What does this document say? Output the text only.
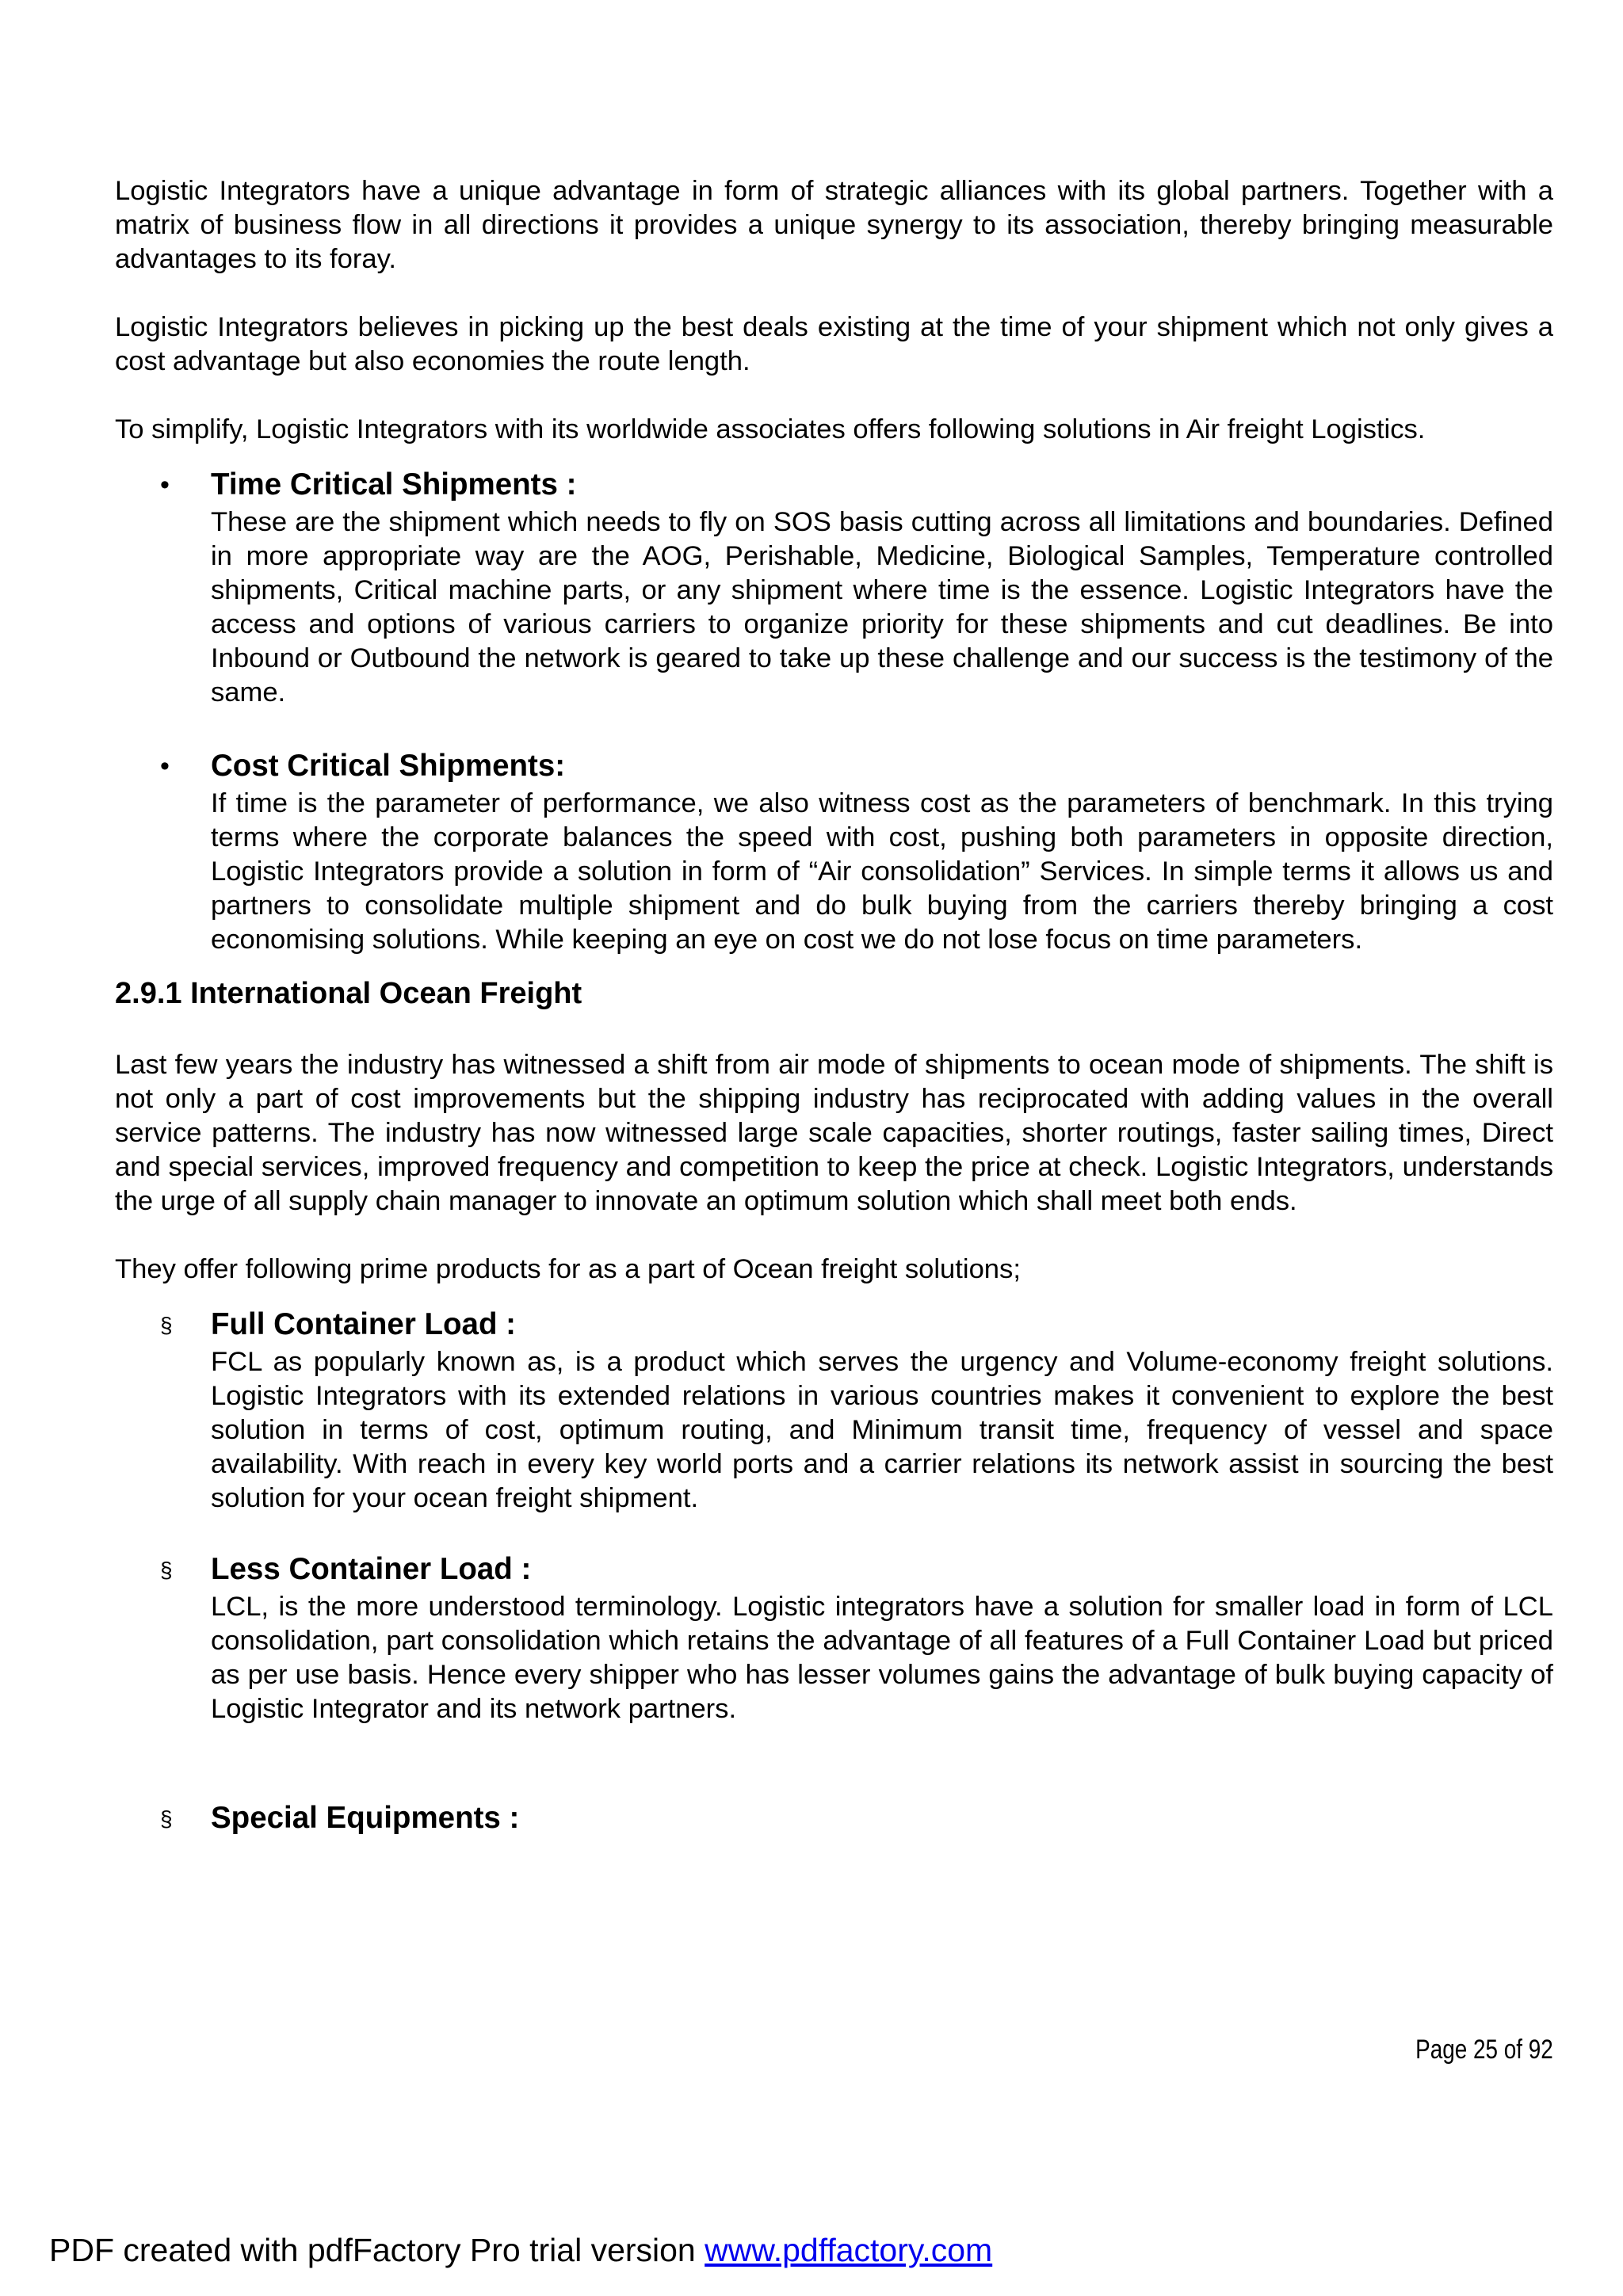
Logistic Integrators have a unique advantage in form of strategic alliances with its global partners. Together with a matrix of business flow in all directions it provides a unique synergy to its association, thereby bringing measurable advantages to its foray.

Logistic Integrators believes in picking up the best deals existing at the time of your shipment which not only gives a cost advantage but also economies the route length.

To simplify, Logistic Integrators with its worldwide associates offers following solutions in Air freight Logistics.

• Time Critical Shipments :

These are the shipment which needs to fly on SOS basis cutting across all limitations and boundaries. Defined in more appropriate way are the AOG, Perishable, Medicine, Biological Samples, Temperature controlled shipments, Critical machine parts, or any shipment where time is the essence. Logistic Integrators have the access and options of various carriers to organize priority for these shipments and cut deadlines. Be into Inbound or Outbound the network is geared to take up these challenge and our success is the testimony of the same.

• Cost Critical Shipments:

If time is the parameter of performance, we also witness cost as the parameters of benchmark. In this trying terms where the corporate balances the speed with cost, pushing both parameters in opposite direction, Logistic Integrators provide a solution in form of “Air consolidation” Services. In simple terms it allows us and partners to consolidate multiple shipment and do bulk buying from the carriers thereby bringing a cost economising solutions. While keeping an eye on cost we do not lose focus on time parameters.

2.9.1 International Ocean Freight

Last few years the industry has witnessed a shift from air mode of shipments to ocean mode of shipments. The shift is not only a part of cost improvements but the shipping industry has reciprocated with adding values in the overall service patterns. The industry has now witnessed large scale capacities, shorter routings, faster sailing times, Direct and special services, improved frequency and competition to keep the price at check. Logistic Integrators, understands the urge of all supply chain manager to innovate an optimum solution which shall meet both ends.

They offer following prime products for as a part of Ocean freight solutions;

§ Full Container Load :

FCL as popularly known as, is a product which serves the urgency and Volume-economy freight solutions. Logistic Integrators with its extended relations in various countries makes it convenient to explore the best solution in terms of cost, optimum routing, and Minimum transit time, frequency of vessel and space availability. With reach in every key world ports and a carrier relations its network assist in sourcing the best solution for your ocean freight shipment.

§ Less Container Load :

LCL, is the more understood terminology. Logistic integrators have a solution for smaller load in form of LCL consolidation, part consolidation which retains the advantage of all features of a Full Container Load but priced as per use basis. Hence every shipper who has lesser volumes gains the advantage of bulk buying capacity of Logistic Integrator and its network partners.

§ Special Equipments :
Page 25 of 92
PDF created with pdfFactory Pro trial version www.pdffactory.com
